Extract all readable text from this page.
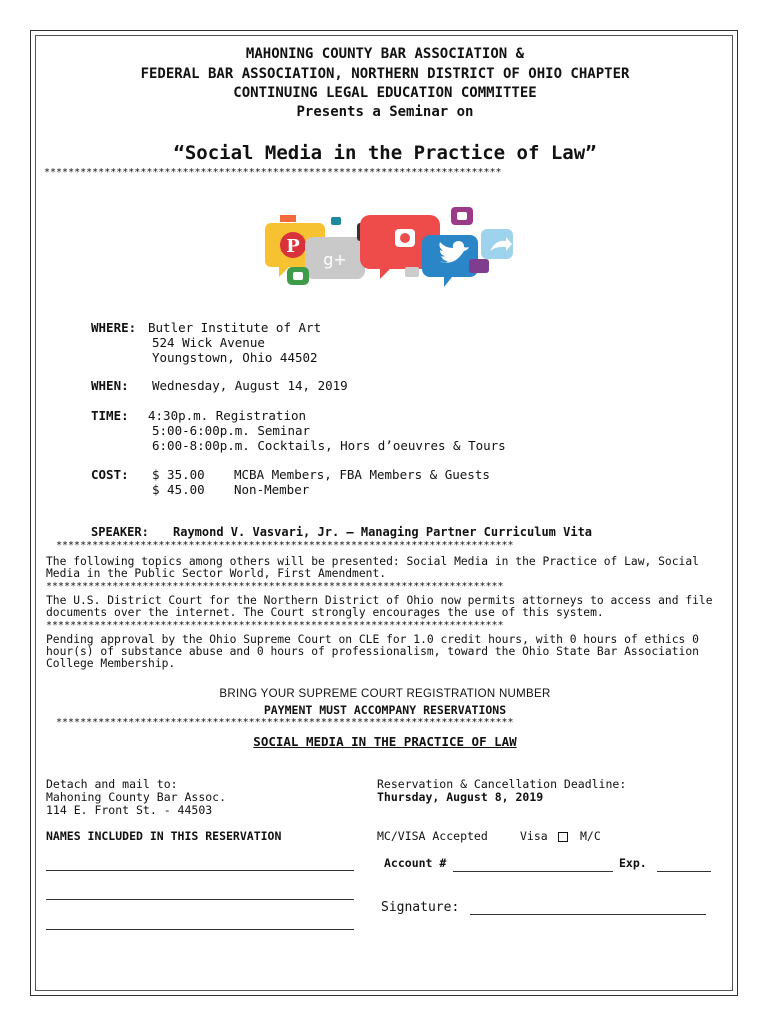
MAHONING COUNTY BAR ASSOCIATION &
FEDERAL BAR ASSOCIATION, NORTHERN DISTRICT OF OHIO CHAPTER
CONTINUING LEGAL EDUCATION COMMITTEE
Presents a Seminar on
“Social Media in the Practice of Law”
****************************************************************************
P
g+
WHERE: Butler Institute of Art
524 Wick Avenue
Youngstown, Ohio 44502
WHEN: Wednesday, August 14, 2019
TIME: 4:30p.m. Registration
5:00-6:00p.m. Seminar
6:00-8:00p.m. Cocktails, Hors d’oeuvres & Tours
COST: $ 35.00 MCBA Members, FBA Members & Guests
$ 45.00 Non-Member
SPEAKER: Raymond V. Vasvari, Jr. – Managing Partner Curriculum Vita
****************************************************************************
The following topics among others will be presented: Social Media in the Practice of Law, Social Media in the Public Sector World, First Amendment.
****************************************************************************
The U.S. District Court for the Northern District of Ohio now permits attorneys to access and file documents over the internet. The Court strongly encourages the use of this system.
****************************************************************************
Pending approval by the Ohio Supreme Court on CLE for 1.0 credit hours, with 0 hours of ethics 0 hour(s) of substance abuse and 0 hours of professionalism, toward the Ohio State Bar Association College Membership.
BRING YOUR SUPREME COURT REGISTRATION NUMBER
PAYMENT MUST ACCOMPANY RESERVATIONS
****************************************************************************
SOCIAL MEDIA IN THE PRACTICE OF LAW
Detach and mail to:
Mahoning County Bar Assoc.
114 E. Front St. - 44503
Reservation & Cancellation Deadline:
Thursday, August 8, 2019
NAMES INCLUDED IN THIS RESERVATION	MC/VISA Accepted	Visa	M/C
Account #	Exp.
Signature:
